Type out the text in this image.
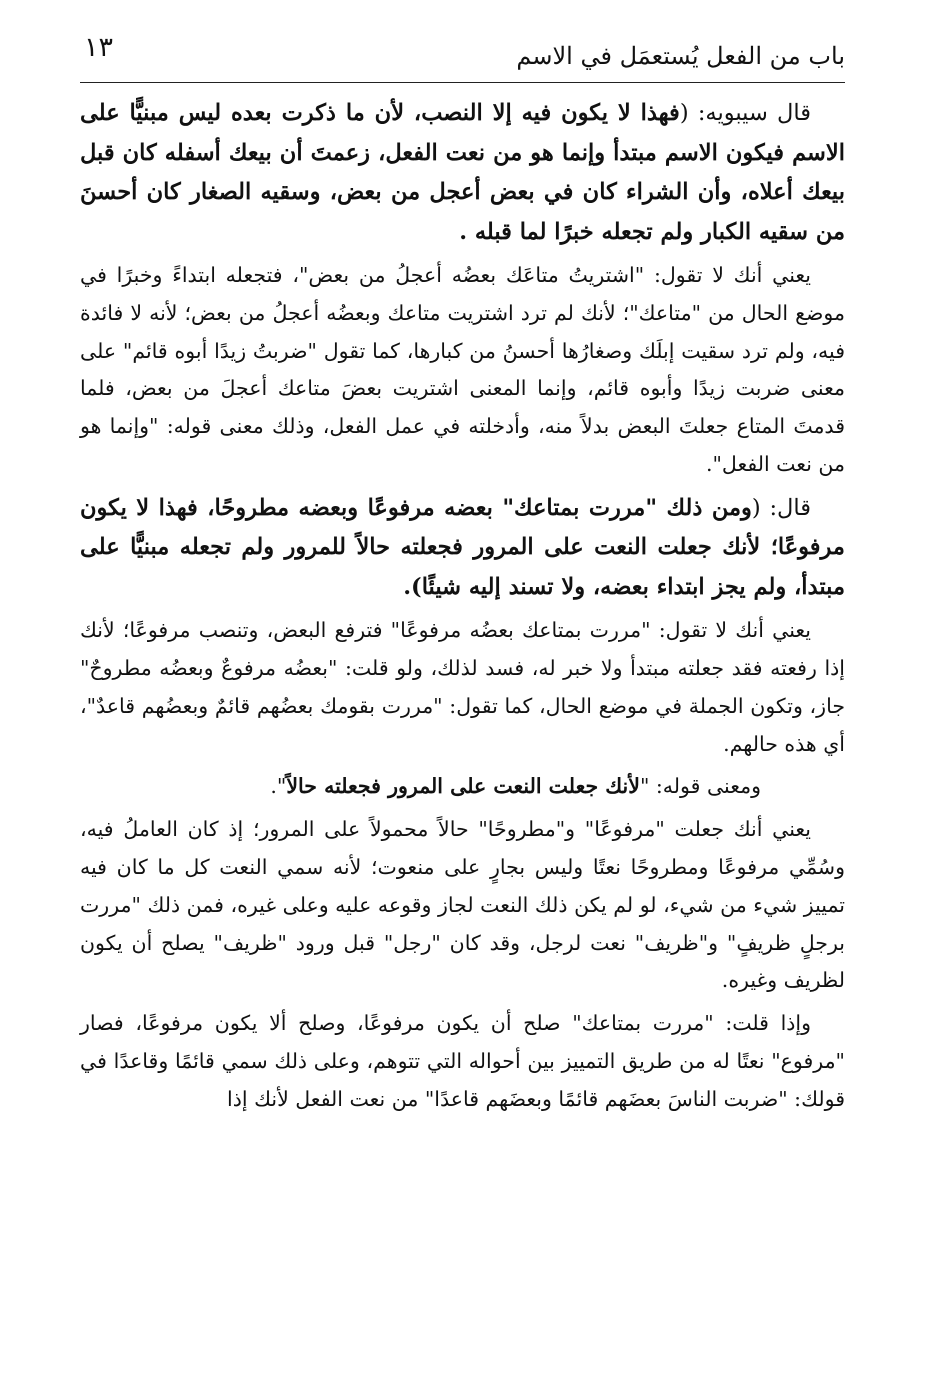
١٣	باب من الفعل يُستعمَل في الاسم

قال سيبويه: (فهذا لا يكون فيه إلا النصب، لأن ما ذكرت بعده ليس مبنيًّا على الاسم فيكون الاسم مبتدأ وإنما هو من نعت الفعل، زعمتَ أن بيعك أسفله كان قبل بيعك أعلاه، وأن الشراء كان في بعض أعجل من بعض، وسقيه الصغار كان أحسنَ من سقيه الكبار ولم تجعله خبرًا لما قبله .

يعني أنك لا تقول: "اشتريتُ متاعَك بعضُه أعجلُ من بعض"، فتجعله ابتداءً وخبرًا في موضع الحال من "متاعك"؛ لأنك لم ترد اشتريت متاعك وبعضُه أعجلُ من بعض؛ لأنه لا فائدة فيه، ولم ترد سقيت إبلَك وصغارُها أحسنُ من كبارها، كما تقول "ضربتُ زيدًا أبوه قائم" على معنى ضربت زيدًا وأبوه قائم، وإنما المعنى اشتريت بعضَ متاعك أعجلَ من بعض، فلما قدمتَ المتاع جعلتَ البعض بدلاً منه، وأدخلته في عمل الفعل، وذلك معنى قوله: "وإنما هو من نعت الفعل".

قال: (ومن ذلك "مررت بمتاعك" بعضه مرفوعًا وبعضه مطروحًا، فهذا لا يكون مرفوعًا؛ لأنك جعلت النعت على المرور فجعلته حالاً للمرور ولم تجعله مبنيًّا على مبتدأ، ولم يجز ابتداء بعضه، ولا تسند إليه شيئًا).

يعني أنك لا تقول: "مررت بمتاعك بعضُه مرفوعًا" فترفع البعض، وتنصب مرفوعًا؛ لأنك إذا رفعته فقد جعلته مبتدأ ولا خبر له، فسد لذلك، ولو قلت: "بعضُه مرفوعٌ وبعضُه مطروحٌ" جاز، وتكون الجملة في موضع الحال، كما تقول: "مررت بقومك بعضُهم قائمٌ وبعضُهم قاعدٌ"، أي هذه حالهم.

ومعنى قوله: "لأنك جعلت النعت على المرور فجعلته حالاً".

يعني أنك جعلت "مرفوعًا" و"مطروحًا" حالاً محمولاً على المرور؛ إذ كان العاملُ فيه، وسُمِّي مرفوعًا ومطروحًا نعتًا وليس بجارٍ على منعوت؛ لأنه سمي النعت كل ما كان فيه تمييز شيء من شيء، لو لم يكن ذلك النعت لجاز وقوعه عليه وعلى غيره، فمن ذلك "مررت برجلٍ ظريفٍ" و"ظريف" نعت لرجل، وقد كان "رجل" قبل ورود "ظريف" يصلح أن يكون لظريف وغيره.

وإذا قلت: "مررت بمتاعك" صلح أن يكون مرفوعًا، وصلح ألا يكون مرفوعًا، فصار "مرفوع" نعتًا له من طريق التمييز بين أحواله التي تتوهم، وعلى ذلك سمي قائمًا وقاعدًا في قولك: "ضربت الناسَ بعضَهم قائمًا وبعضَهم قاعدًا" من نعت الفعل لأنك إذا
